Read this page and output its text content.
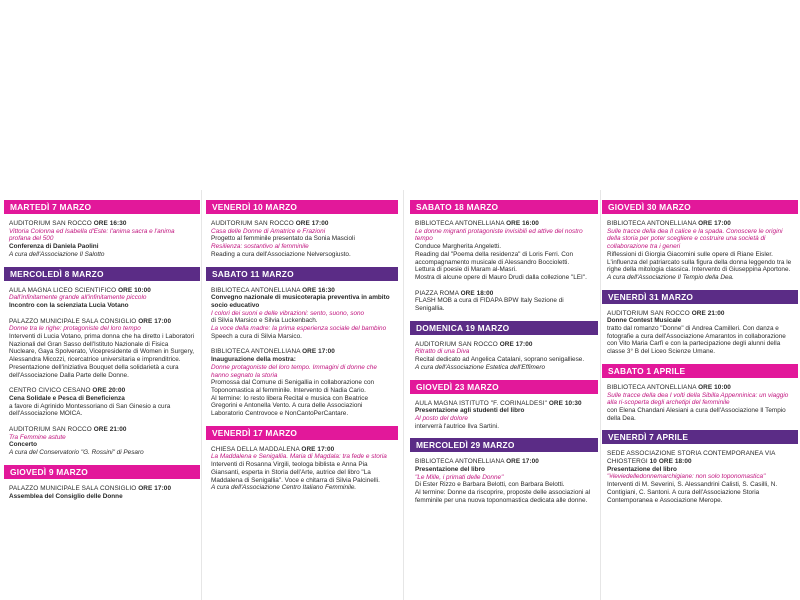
MARTEDÌ 7 MARZO

AUDITORIUM SAN ROCCO ORE 16:30

Vittoria Colonna ed Isabella d'Este: l'anima sacra e l'anima profana del 500

Conferenza di Daniela Paolini

A cura dell'Associazione Il Salotto

MERCOLEDÌ 8 MARZO

AULA MAGNA LICEO SCIENTIFICO ORE 10:00

Dall'infinitamente grande all'infinitamente piccolo

Incontro con la scienziata Lucia Votano

PALAZZO MUNICIPALE SALA CONSIGLIO ORE 17:00

Donne tra le righe: protagoniste del loro tempo

Interventi di Lucia Votano, prima donna che ha diretto i Laboratori Nazionali del Gran Sasso dell'Istituto Nazionale di Fisica Nucleare, Gaya Spolverato, Vicepresidente di Women in Surgery, Alessandra Micozzi, ricercatrice universitaria e imprenditrice.

Presentazione dell'iniziativa Bouquet della solidarietà a cura dell'Associazione Dalla Parte delle Donne.

CENTRO CIVICO CESANO ORE 20:00

Cena Solidale e Pesca di Beneficienza

a favore di Agrinido Montessoriano di San Ginesio a cura dell'Associazione MOICA.

AUDITORIUM SAN ROCCO ORE 21:00

Tra Femmine astute

Concerto

A cura del Conservatorio "G. Rossini" di Pesaro

GIOVEDÌ 9 MARZO

PALAZZO MUNICIPALE SALA CONSIGLIO ORE 17:00

Assemblea del Consiglio delle Donne

VENERDÌ 10 MARZO

AUDITORIUM SAN ROCCO ORE 17:00

Casa delle Donne di Amatrice e Frazioni

Progetto al femminile presentato da Sonia Mascioli

Resilienza: sostantivo al femminile

Reading a cura dell'Associazione Nelversogiusto.

SABATO 11 MARZO

BIBLIOTECA ANTONELLIANA ORE 16:30

Convegno nazionale di musicoterapia preventiva in ambito socio educativo

I colori dei suoni e delle vibrazioni: sento, suono, sono

di Silvia Marsico e Silvia Luckenbach.

La voce della madre: la prima esperienza sociale del bambino

Speech a cura di Silvia Marsico.

BIBLIOTECA ANTONELLIANA ORE 17:00

Inaugurazione della mostra:

Donne protagoniste del loro tempo. Immagini di donne che hanno segnato la storia

Promossa dal Comune di Senigallia in collaborazione con Toponomastica al femminile. Intervento di Nadia Cario.

Al termine: Io resto libera Recital e musica con Beatrice Gregorini e Antonella Vento. A cura delle Associazioni Laboratorio Centrovoce e NonCantoPerCantare.

VENERDÌ 17 MARZO

CHIESA DELLA MADDALENA ORE 17:00

La Maddalena e Senigallia. Maria di Magdala: tra fede e storia

Interventi di Rosanna Virgili, teologa biblista e Anna Pia Giansanti, esperta in Storia dell'Arte, autrice del libro "La Maddalena di Senigallia". Voce e chitarra di Silvia Palcinelli.

A cura dell'Associazione Centro Italiano Femminile.

SABATO 18 MARZO

BIBLIOTECA ANTONELLIANA ORE 16:00

Le donne migranti protagoniste invisibili ed attive del nostro tempo

Conduce Margherita Angeletti.

Reading dal "Poema della residenza" di Loris Ferri. Con accompagnamento musicale di Alessandro Boccioletti.

Lettura di poesie di Maram al-Masri.

Mostra di alcune opere di Mauro Drudi dalla collezione "LEI".

PIAZZA ROMA ORE 18:00

FLASH MOB a cura di FIDAPA BPW Italy Sezione di Senigallia.

DOMENICA 19 MARZO

AUDITORIUM SAN ROCCO ORE 17:00

Ritratto di una Diva

Recital dedicato ad Angelica Catalani, soprano senigalliese.

A cura dell'Associazione Estetica dell'Effimero

GIOVEDÌ 23 MARZO

AULA MAGNA ISTITUTO "F. CORINALDESI" ORE 10:30

Presentazione agli studenti del libro

Al posto del dolore

interverrà l'autrice Ilva Sartini.

MERCOLEDÌ 29 MARZO

BIBLIOTECA ANTONELLIANA ORE 17:00

Presentazione del libro

"Le Mille, i primati delle Donne"

Di Ester Rizzo e Barbara Belotti, con Barbara Belotti.

Al termine: Donne da riscoprire, proposte delle associazioni al femminile per una nuova toponomastica dedicata alle donne.

GIOVEDÌ 30 MARZO

BIBLIOTECA ANTONELLIANA ORE 17:00

Sulle tracce della dea Il calice e la spada. Conoscere le origini della storia per poter scegliere e costruire una società di collaborazione tra i generi

Riflessioni di Giorgia Giacomini sulle opere di Riane Eisler. L'influenza del patriarcato sulla figura della donna leggendo tra le righe della mitologia classica. Intervento di Giuseppina Aportone.

A cura dell'Associazione Il Tempio della Dea.

VENERDÌ 31 MARZO

AUDITORIUM SAN ROCCO ORE 21:00

Donne Contest Musicale

tratto dal romanzo "Donne" di Andrea Camilleri. Con danza e fotografie a cura dell'Associazione Amarantos in collaborazione con Vito Maria Carfì e con la partecipazione degli alunni della classe 3° B del Liceo Scienze Umane.

SABATO 1 APRILE

BIBLIOTECA ANTONELLIANA ORE 10:00

Sulle tracce della dea I volti della Sibilla Appenninica: un viaggio alla ri-scoperta degli archetipi del femminile

con Elena Chandani Alesiani a cura dell'Associazione Il Tempio della Dea.

VENERDÌ 7 APRILE

SEDE ASSOCIAZIONE STORIA CONTEMPORANEA VIA CHIOSTERGI 10 ORE 18:00

Presentazione del libro

"#leviedelledonnemarchigiane: non solo toponomastica"

Interventi di M. Severini, S. Alessandrini Calisti, S. Casilli, N. Contigiani, C. Santoni. A cura dell'Associazione Storia Contemporanea e Associazione Merope.
